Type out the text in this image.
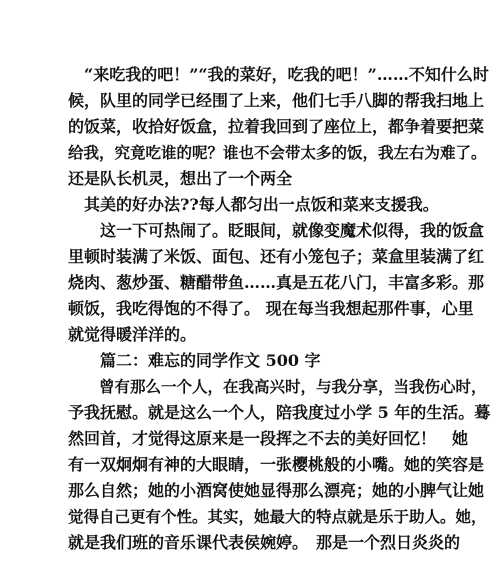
　“来吃我的吧！”“我的菜好，吃我的吧！”……不知什么时
候，队里的同学已经围了上来，他们七手八脚的帮我扫地上
的饭菜，收拾好饭盒，拉着我回到了座位上，都争着要把菜
给我，究竟吃谁的呢？谁也不会带太多的饭，我左右为难了。
还是队长机灵，想出了一个两全
　其美的好办法??每人都匀出一点饭和菜来支援我。
　　这一下可热闹了。眨眼间，就像变魔术似得，我的饭盒
里顿时装满了米饭、面包、还有小笼包子；菜盒里装满了红
烧肉、葱炒蛋、糖醋带鱼……真是五花八门，丰富多彩。那
顿饭，我吃得饱的不得了。 现在每当我想起那件事，心里
就觉得暖洋洋的。
　　篇二：难忘的同学作文 500 字
　　曾有那么一个人，在我高兴时，与我分享，当我伤心时，
予我抚慰。就是这么一个人，陪我度过小学 5 年的生活。蓦
然回首，才觉得这原来是一段挥之不去的美好回忆！　她
有一双炯炯有神的大眼睛，一张樱桃般的小嘴。她的笑容是
那么自然；她的小酒窝使她显得那么漂亮；她的小脾气让她
觉得自己更有个性。其实，她最大的特点就是乐于助人。她，
就是我们班的音乐课代表侯婉婷。　那是一个烈日炎炎的
